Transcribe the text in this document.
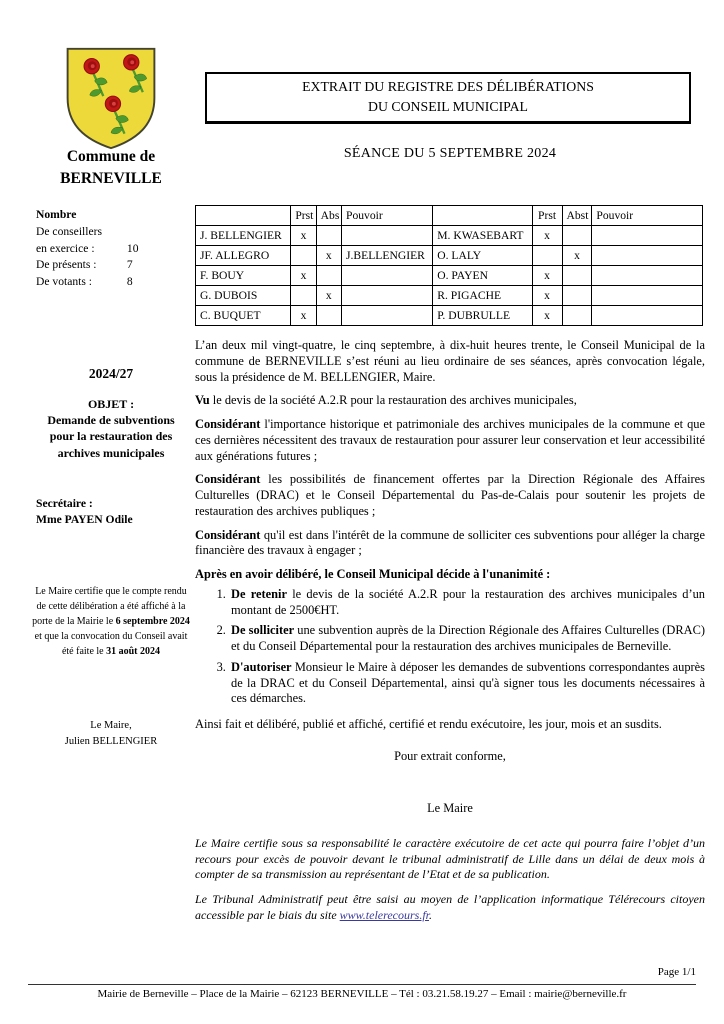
Commune de
BERNEVILLE
Nombre
De conseillers
en exercice :	10
De présents :	7
De votants :	8
2024/27
OBJET :
Demande de subventions pour la restauration des archives municipales
Secrétaire :
Mme PAYEN Odile
Le Maire certifie que le compte rendu de cette délibération a été affiché à la porte de la Mairie le 6 septembre 2024 et que la convocation du Conseil avait été faite le 31 août 2024
Le Maire,
Julien BELLENGIER
EXTRAIT DU REGISTRE DES DÉLIBÉRATIONS
DU CONSEIL MUNICIPAL
SÉANCE DU 5 SEPTEMBRE 2024
	Prst	Abs	Pouvoir		Prst	Abst	Pouvoir
J. BELLENGIER	x			M. KWASEBART	x		
JF. ALLEGRO		x	J.BELLENGIER	O. LALY		x	
F. BOUY	x			O. PAYEN	x		
G. DUBOIS		x		R. PIGACHE	x		
C. BUQUET	x			P. DUBRULLE	x		

L’an deux mil vingt-quatre, le cinq septembre, à dix-huit heures trente, le Conseil Municipal de la commune de BERNEVILLE s’est réuni au lieu ordinaire de ses séances, après convocation légale, sous la présidence de M. BELLENGIER, Maire.

Vu le devis de la société A.2.R pour la restauration des archives municipales,

Considérant l'importance historique et patrimoniale des archives municipales de la commune et que ces dernières nécessitent des travaux de restauration pour assurer leur conservation et leur accessibilité aux générations futures ;

Considérant les possibilités de financement offertes par la Direction Régionale des Affaires Culturelles (DRAC) et le Conseil Départemental du Pas-de-Calais pour soutenir les projets de restauration des archives publiques ;

Considérant qu'il est dans l'intérêt de la commune de solliciter ces subventions pour alléger la charge financière des travaux à engager ;

Après en avoir délibéré, le Conseil Municipal décide à l'unanimité :

1. De retenir le devis de la société A.2.R pour la restauration des archives municipales d’un montant de 2500€HT.
2. De solliciter une subvention auprès de la Direction Régionale des Affaires Culturelles (DRAC) et du Conseil Départemental pour la restauration des archives municipales de Berneville.
3. D'autoriser Monsieur le Maire à déposer les demandes de subventions correspondantes auprès de la DRAC et du Conseil Départemental, ainsi qu'à signer tous les documents nécessaires à ces démarches.

Ainsi fait et délibéré, publié et affiché, certifié et rendu exécutoire, les jour, mois et an susdits.

Pour extrait conforme,

Le Maire

Le Maire certifie sous sa responsabilité le caractère exécutoire de cet acte qui pourra faire l’objet d’un recours pour excès de pouvoir devant le tribunal administratif de Lille dans un délai de deux mois à compter de sa transmission au représentant de l’Etat et de sa publication.

Le Tribunal Administratif peut être saisi au moyen de l’application informatique Télérecours citoyen accessible par le biais du site www.telerecours.fr.

Page 1/1
Mairie de Berneville – Place de la Mairie – 62123 BERNEVILLE – Tél : 03.21.58.19.27 – Email : mairie@berneville.fr
